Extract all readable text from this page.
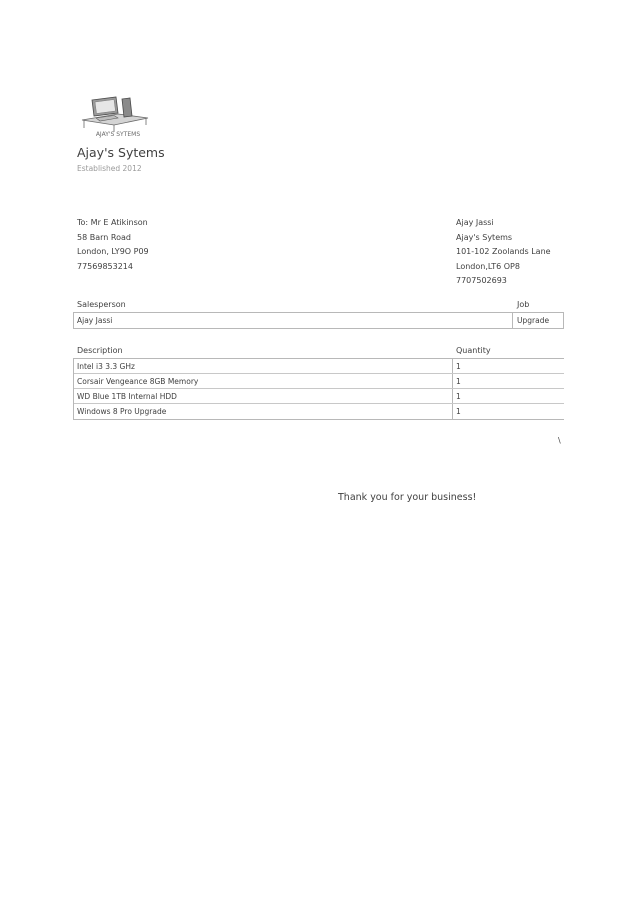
AJAY'S SYTEMS
Ajay's Sytems
Established 2012
To: Mr E Atikinson
58 Barn Road
London, LY9O P09
77569853214
Ajay Jassi
Ajay's Sytems
101-102 Zoolands Lane
London,LT6 OP8
7707502693
Salesperson	Job
Ajay Jassi	Upgrade
Description	Quantity
Intel i3 3.3 GHz	1
Corsair Vengeance 8GB Memory	1
WD Blue 1TB Internal HDD	1
Windows 8 Pro Upgrade	1
\
Thank you for your business!
